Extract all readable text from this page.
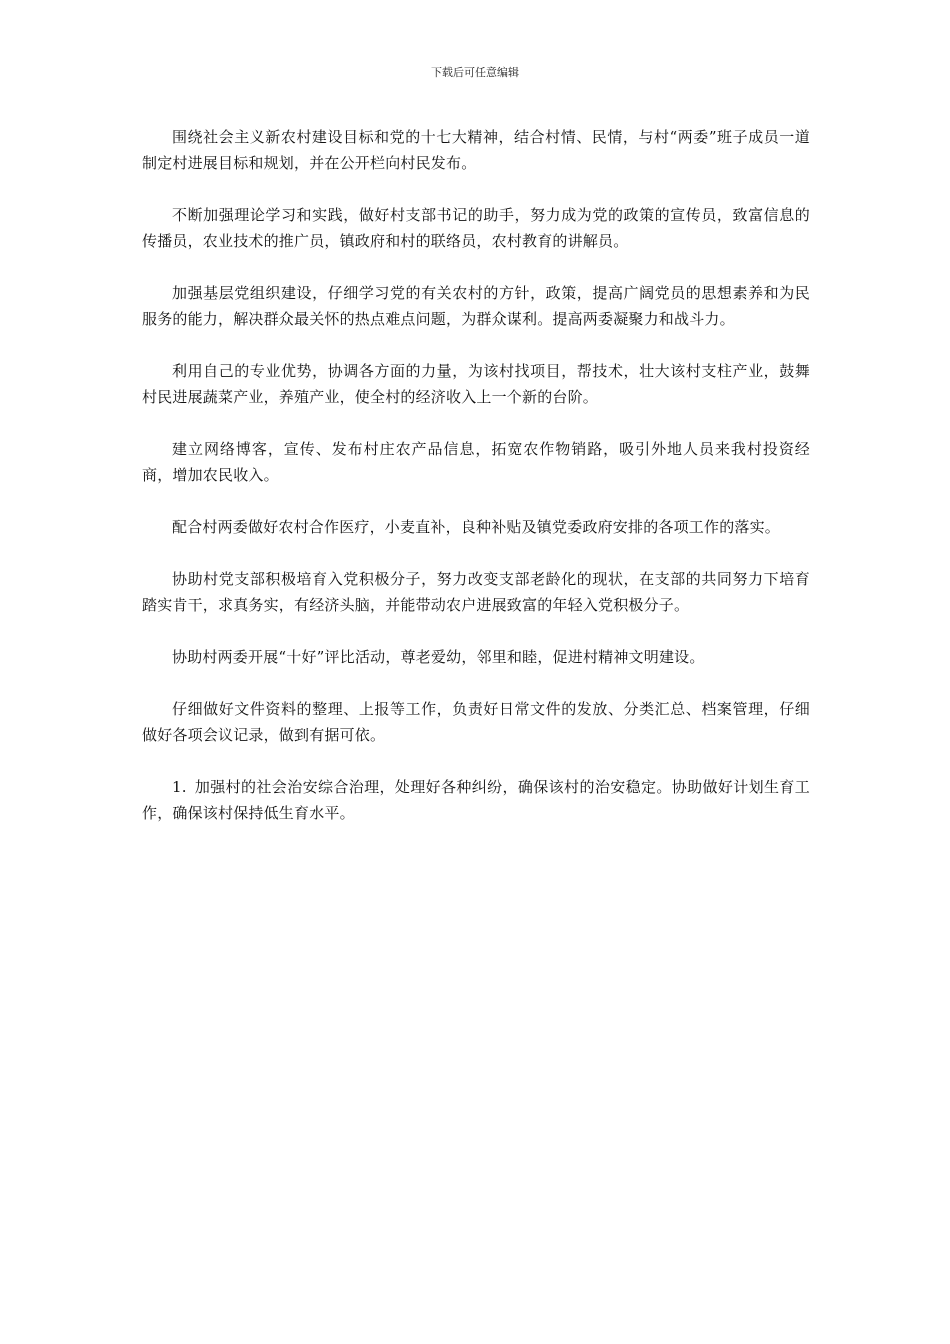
下载后可任意编辑

围绕社会主义新农村建设目标和党的十七大精神，结合村情、民情，与村“两委”班子成员一道制定村进展目标和规划，并在公开栏向村民发布。

不断加强理论学习和实践，做好村支部书记的助手，努力成为党的政策的宣传员，致富信息的传播员，农业技术的推广员，镇政府和村的联络员，农村教育的讲解员。

加强基层党组织建设，仔细学习党的有关农村的方针，政策，提高广阔党员的思想素养和为民服务的能力，解决群众最关怀的热点难点问题，为群众谋利。提高两委凝聚力和战斗力。

利用自己的专业优势，协调各方面的力量，为该村找项目，帮技术，壮大该村支柱产业，鼓舞村民进展蔬菜产业，养殖产业，使全村的经济收入上一个新的台阶。

建立网络博客，宣传、发布村庄农产品信息，拓宽农作物销路，吸引外地人员来我村投资经商，增加农民收入。

配合村两委做好农村合作医疗，小麦直补，良种补贴及镇党委政府安排的各项工作的落实。

协助村党支部积极培育入党积极分子，努力改变支部老龄化的现状，在支部的共同努力下培育踏实肯干，求真务实，有经济头脑，并能带动农户进展致富的年轻入党积极分子。

协助村两委开展“十好”评比活动，尊老爱幼，邻里和睦，促进村精神文明建设。

仔细做好文件资料的整理、上报等工作，负责好日常文件的发放、分类汇总、档案管理，仔细做好各项会议记录，做到有据可依。

1. 加强村的社会治安综合治理，处理好各种纠纷，确保该村的治安稳定。协助做好计划生育工作，确保该村保持低生育水平。
